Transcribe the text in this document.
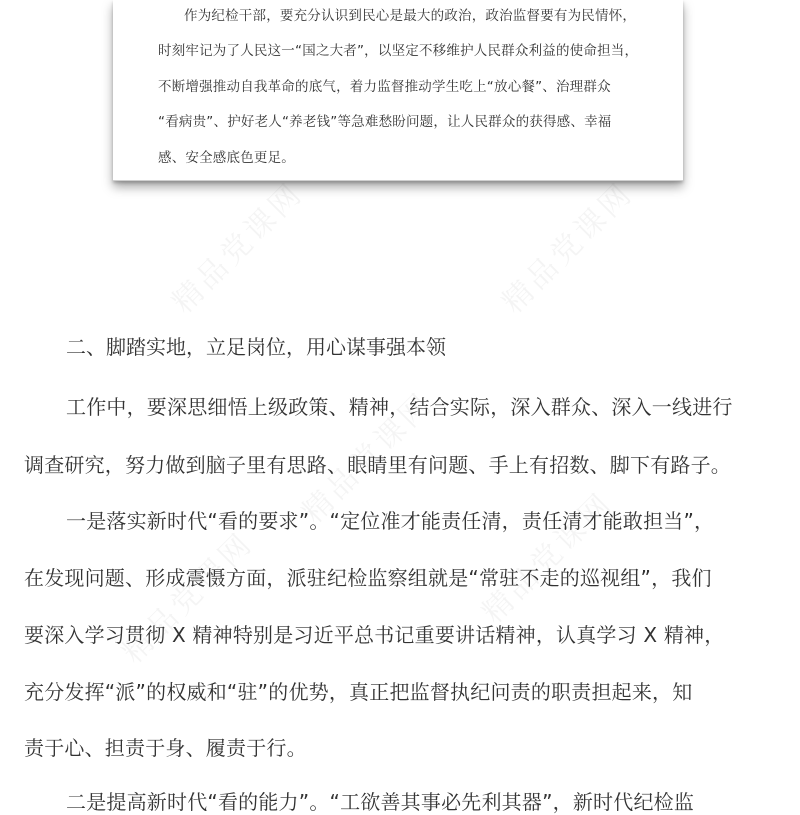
作为纪检干部，要充分认识到民心是最大的政治，政治监督要有为民情怀，
时刻牢记为了人民这一“国之大者”，以坚定不移维护人民群众利益的使命担当，
不断增强推动自我革命的底气，着力监督推动学生吃上“放心餐”、治理群众
“看病贵”、护好老人“养老钱”等急难愁盼问题，让人民群众的获得感、幸福
感、安全感底色更足。
二、脚踏实地，立足岗位，用心谋事强本领
工作中，要深思细悟上级政策、精神，结合实际，深入群众、深入一线进行
调查研究，努力做到脑子里有思路、眼睛里有问题、手上有招数、脚下有路子。
一是落实新时代“看的要求”。“定位准才能责任清，责任清才能敢担当”，
在发现问题、形成震慑方面，派驻纪检监察组就是“常驻不走的巡视组”，我们
要深入学习贯彻 X 精神特别是习近平总书记重要讲话精神，认真学习 X 精神，
充分发挥“派”的权威和“驻”的优势，真正把监督执纪问责的职责担起来，知
责于心、担责于身、履责于行。
二是提高新时代“看的能力”。“工欲善其事必先利其器”，新时代纪检监
